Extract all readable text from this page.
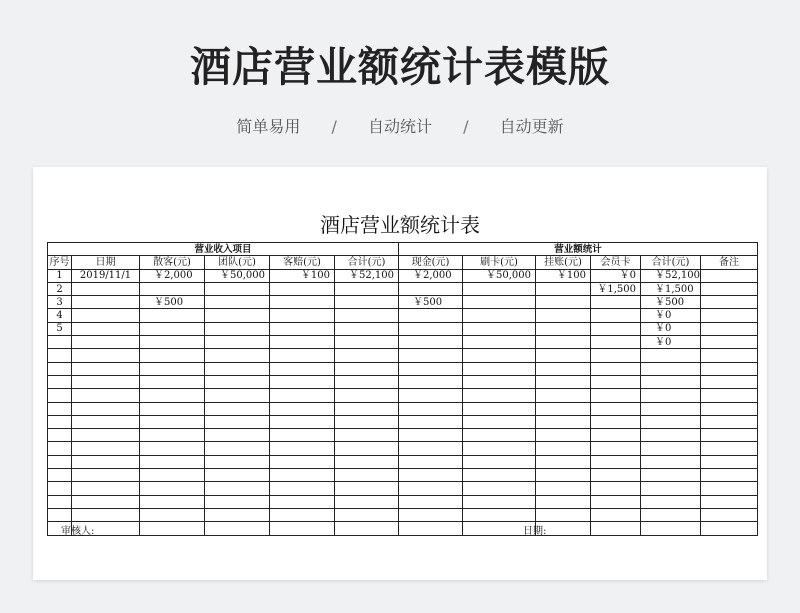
酒店营业额统计表模版
简单易用 / 自动统计 / 自动更新
酒店营业额统计表
营业收入项目						营业额统计					
序号	日期	散客(元)	团队(元)	客赔(元)	合计(元)	现金(元)	刷卡(元)	挂账(元)	会员卡	合计(元)	备注
1	2019/11/1	￥2,000	￥50,000	￥100	￥52,100	￥2,000	￥50,000	￥100	￥0	￥52,100	
2									￥1,500	￥1,500	
3		￥500				￥500				￥500	
4										￥0	
5										￥0	
										￥0	

审核人:	日期:
